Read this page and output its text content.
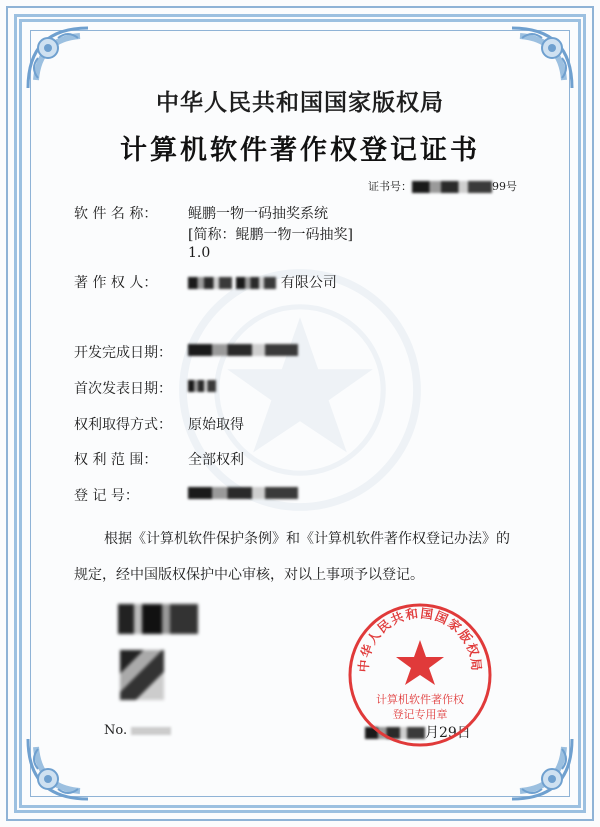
中华人民共和国国家版权局
计算机软件著作权登记证书
证书号：	99号
软 件 名 称： 鲲鹏一物一码抽奖系统
[简称：鲲鹏一物一码抽奖]
1.0
著 作 权 人：	有限公司
开发完成日期：
首次发表日期：
权利取得方式： 原始取得
权 利 范 围： 全部权利
登 记 号：
根据《计算机软件保护条例》和《计算机软件著作权登记办法》的
规定，经中国版权保护中心审核，对以上事项予以登记。
No.	月29日
中华人民共和国国家版权局
计算机软件著作权
登记专用章
